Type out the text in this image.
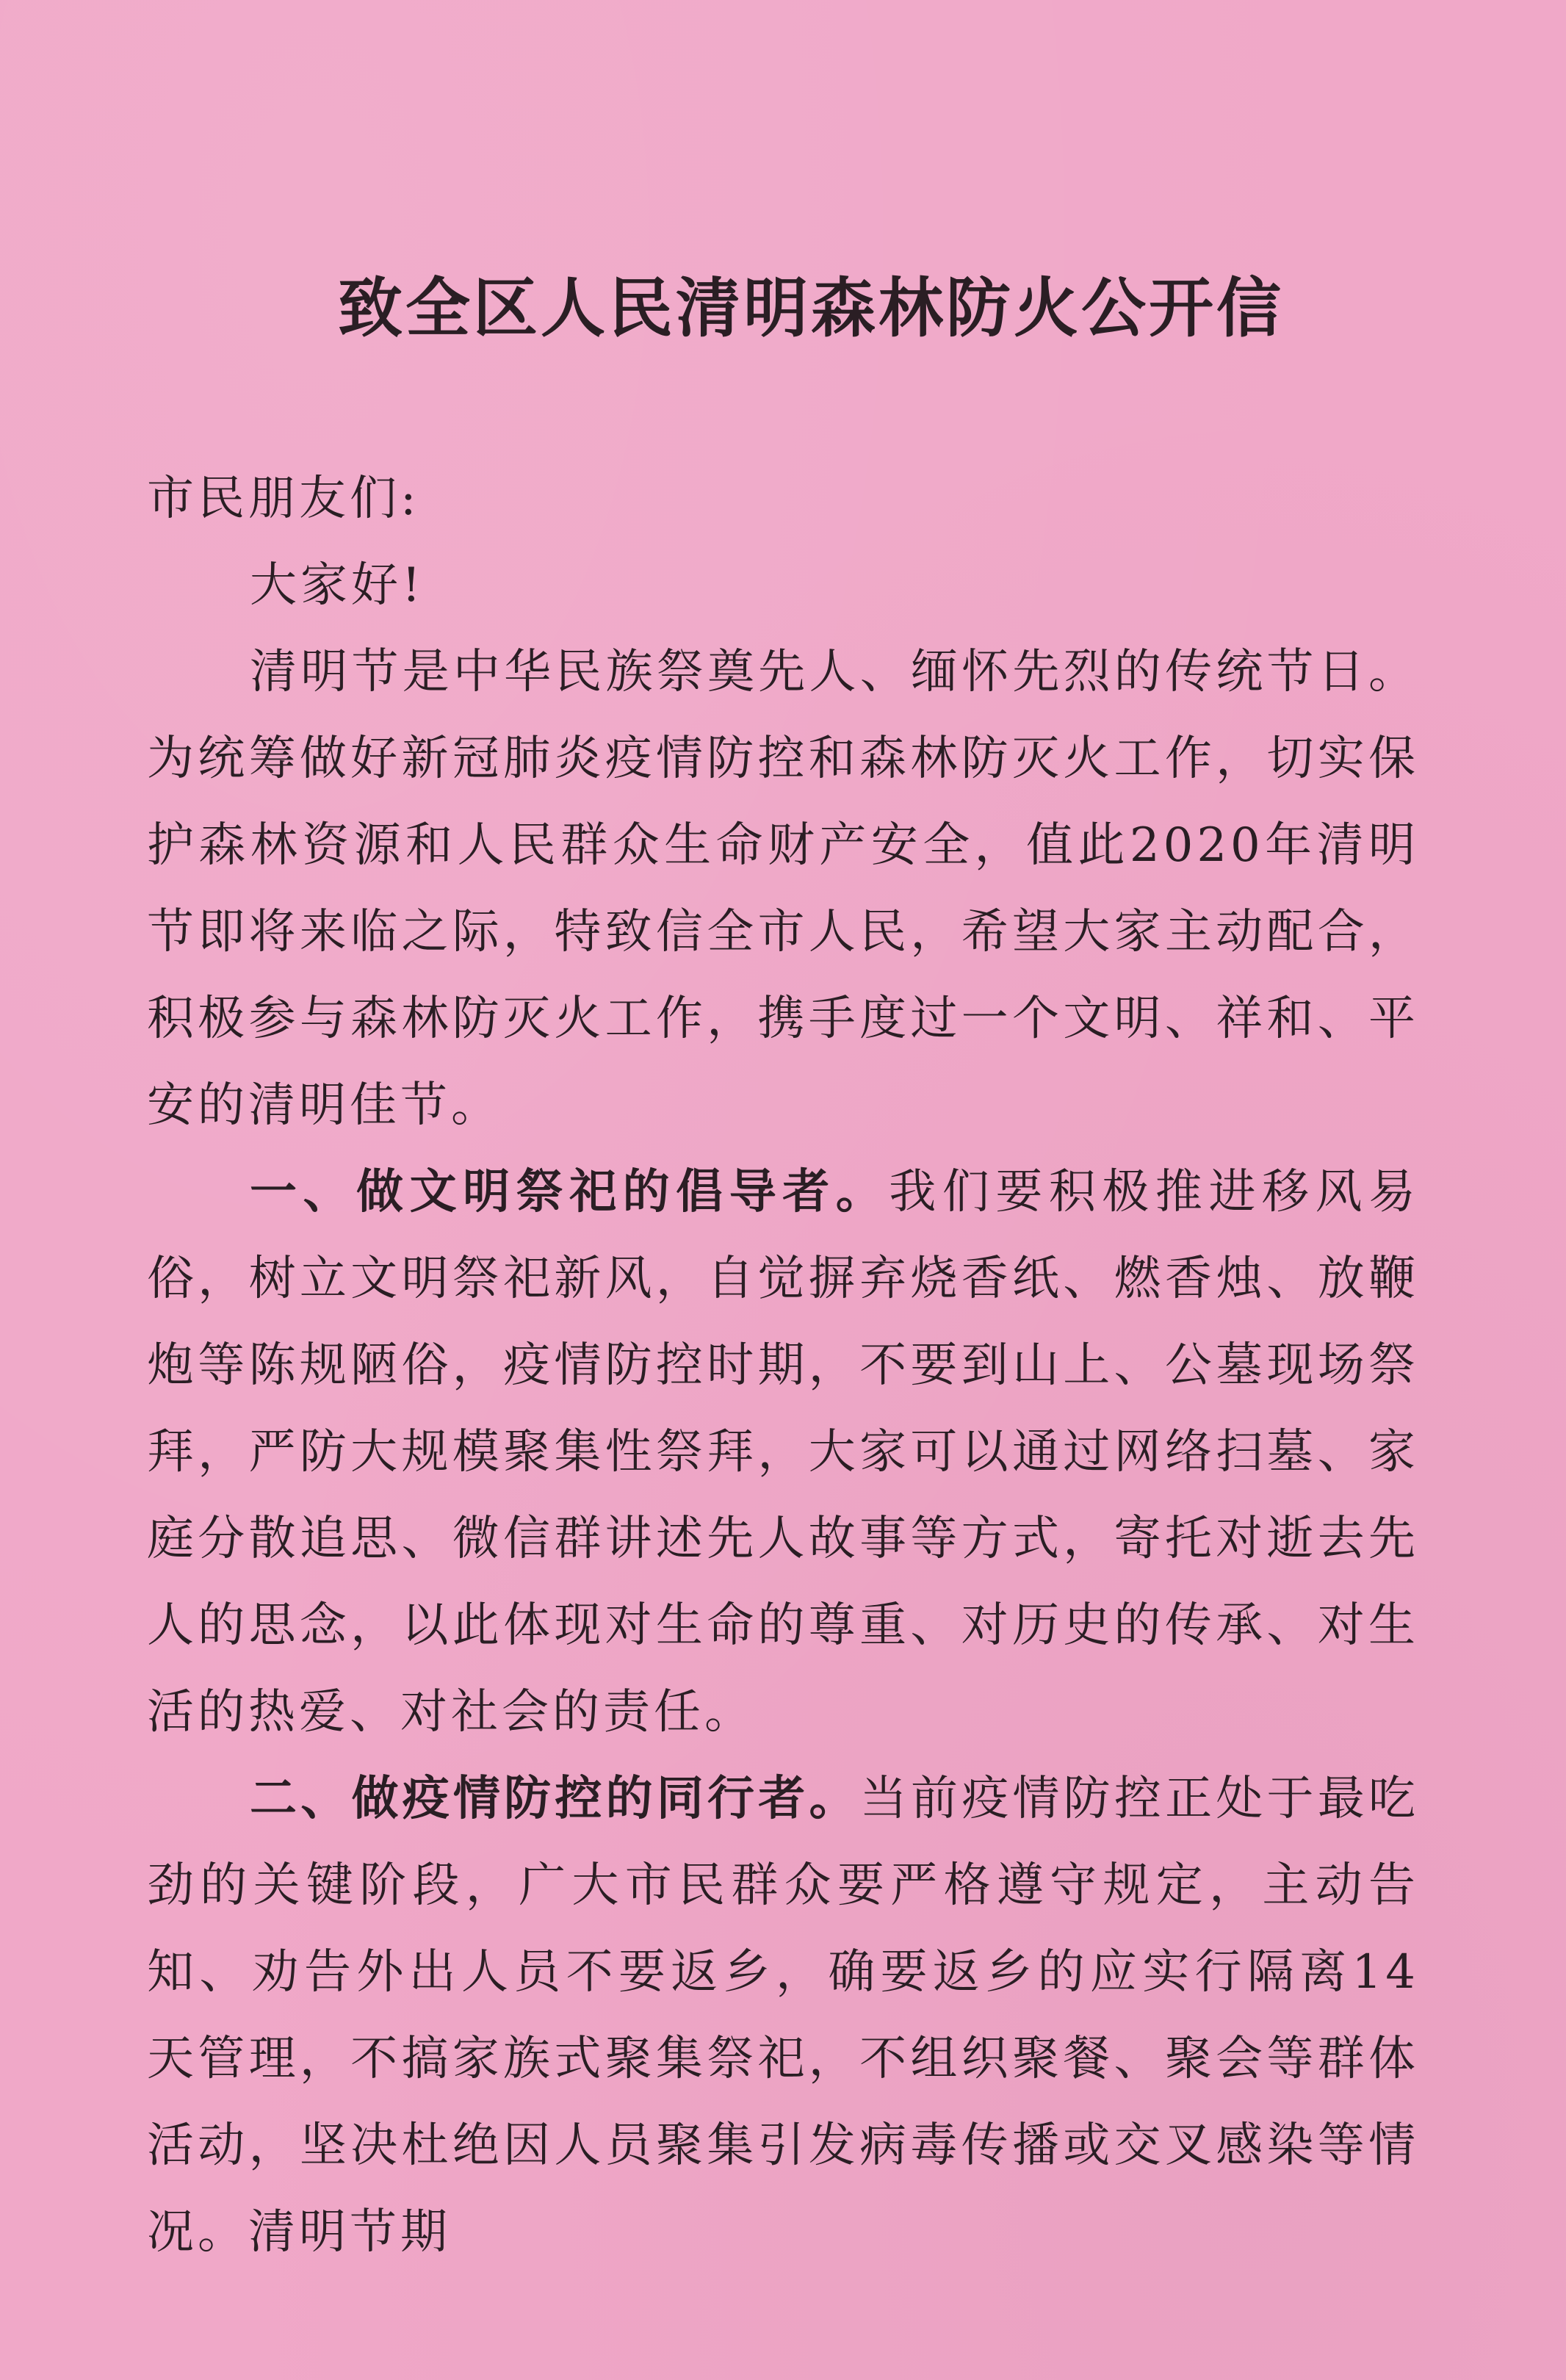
致全区人民清明森林防火公开信

市民朋友们:

大家好!

清明节是中华民族祭奠先人、缅怀先烈的传统节日。为统筹做好新冠肺炎疫情防控和森林防灭火工作，切实保护森林资源和人民群众生命财产安全，值此2020年清明节即将来临之际，特致信全市人民，希望大家主动配合，积极参与森林防灭火工作，携手度过一个文明、祥和、平安的清明佳节。

一、做文明祭祀的倡导者。我们要积极推进移风易俗，树立文明祭祀新风，自觉摒弃烧香纸、燃香烛、放鞭炮等陈规陋俗，疫情防控时期，不要到山上、公墓现场祭拜，严防大规模聚集性祭拜，大家可以通过网络扫墓、家庭分散追思、微信群讲述先人故事等方式，寄托对逝去先人的思念，以此体现对生命的尊重、对历史的传承、对生活的热爱、对社会的责任。

二、做疫情防控的同行者。当前疫情防控正处于最吃劲的关键阶段，广大市民群众要严格遵守规定，主动告知、劝告外出人员不要返乡，确要返乡的应实行隔离14天管理，不搞家族式聚集祭祀，不组织聚餐、聚会等群体活动，坚决杜绝因人员聚集引发病毒传播或交叉感染等情况。清明节期
